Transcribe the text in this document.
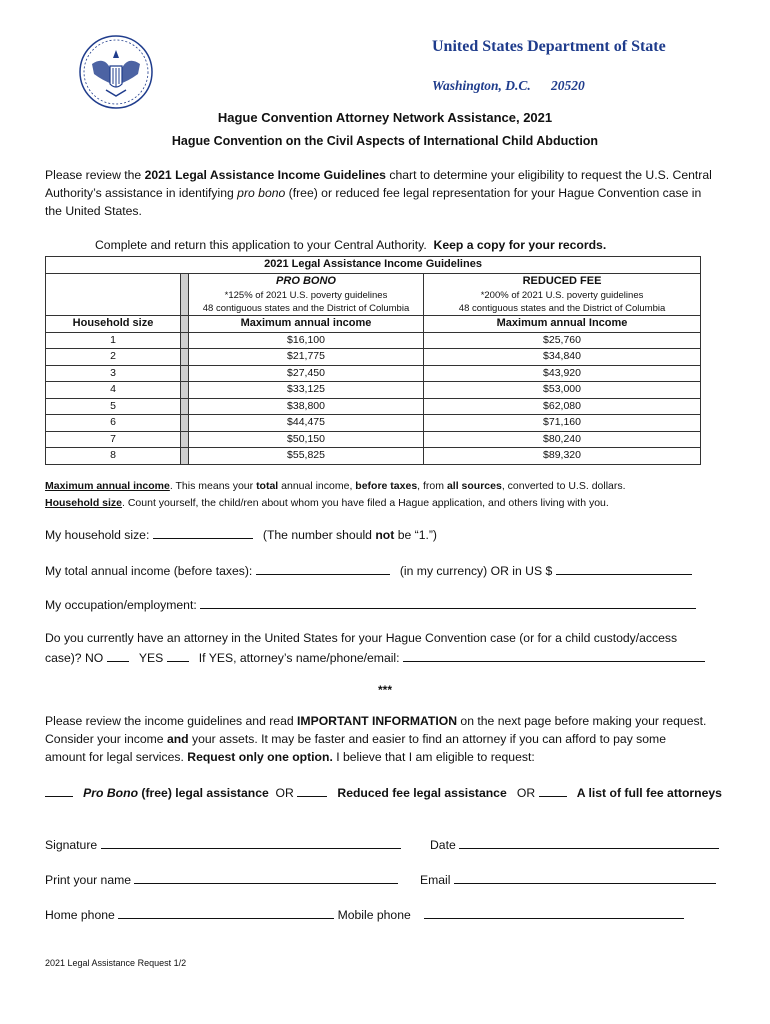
United States Department of State
Washington, D.C. 20520
Hague Convention Attorney Network Assistance, 2021
Hague Convention on the Civil Aspects of International Child Abduction
Please review the 2021 Legal Assistance Income Guidelines chart to determine your eligibility to request the U.S. Central Authority’s assistance in identifying pro bono (free) or reduced fee legal representation for your Hague Convention case in the United States.
Complete and return this application to your Central Authority. Keep a copy for your records.
2021 Legal Assistance Income Guidelines			
		PRO BONO	REDUCED FEE
		*125% of 2021 U.S. poverty guidelines	*200% of 2021 U.S. poverty guidelines
		48 contiguous states and the District of Columbia	48 contiguous states and the District of Columbia
Household size		Maximum annual income	Maximum annual Income
1		$16,100	$25,760
2		$21,775	$34,840
3		$27,450	$43,920
4		$33,125	$53,000
5		$38,800	$62,080
6		$44,475	$71,160
7		$50,150	$80,240
8		$55,825	$89,320
Maximum annual income. This means your total annual income, before taxes, from all sources, converted to U.S. dollars.
Household size. Count yourself, the child/ren about whom you have filed a Hague application, and others living with you.
My household size:	(The number should not be “1.”)
My total annual income (before taxes):	(in my currency) OR in US $
My occupation/employment:
Do you currently have an attorney in the United States for your Hague Convention case (or for a child custody/access
case)? NO	YES	If YES, attorney’s name/phone/email:
***
Please review the income guidelines and read IMPORTANT INFORMATION on the next page before making your request.
Consider your income and your assets. It may be faster and easier to find an attorney if you can afford to pay some
amount for legal services. Request only one option. I believe that I am eligible to request:
Pro Bono (free) legal assistance OR	Reduced fee legal assistance OR	A list of full fee attorneys
Signature	Date
Print your name	Email
Home phone	Mobile phone
2021 Legal Assistance Request 1/2
